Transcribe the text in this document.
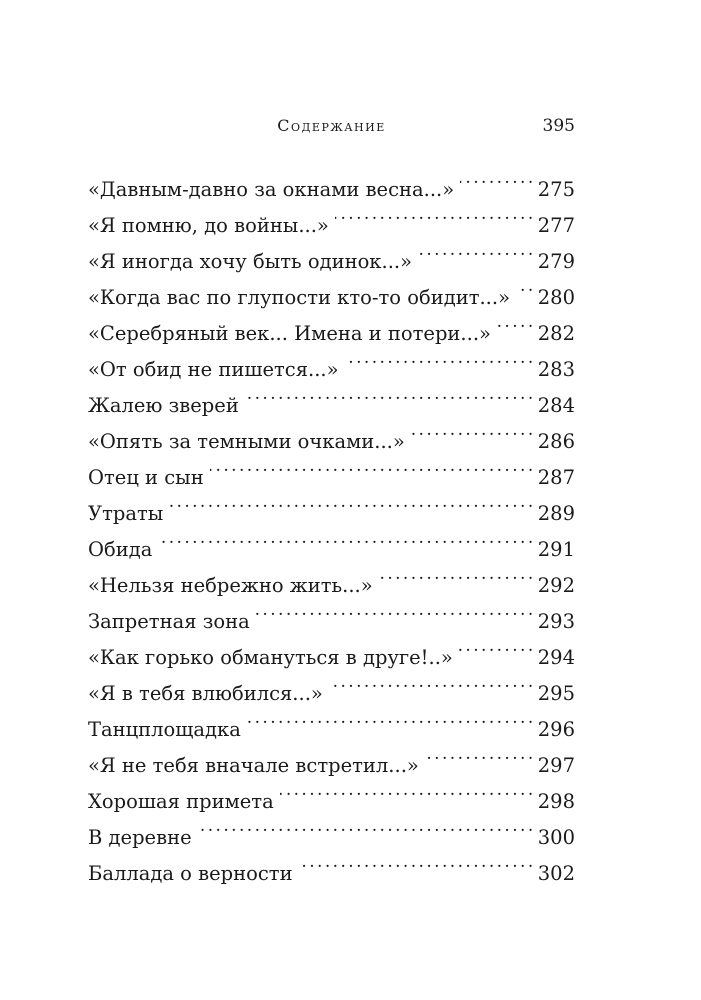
Содержание	395
«Давным-давно за окнами весна...» . . .	275
«Я помню, до войны...» . . .	277
«Я иногда хочу быть одинок...» . . .	279
«Когда вас по глупости кто-то обидит...» . . . 280
«Серебряный век... Имена и потери...» . . . 282
«От обид не пишется...» . . .	283
Жалею зверей . . .	284
«Опять за темными очками...» . . .	286
Отец и сын . . .	287
Утраты . . .	289
Обида . . .	291
«Нельзя небрежно жить...» . . .	292
Запретная зона . . .	293
«Как горько обмануться в друге!..» . . .	294
«Я в тебя влюбился...» . . .	295
Танцплощадка . . .	296
«Я не тебя вначале встретил...» . . .	297
Хорошая примета . . .	298
В деревне . . .	300
Баллада о верности . . .	302
